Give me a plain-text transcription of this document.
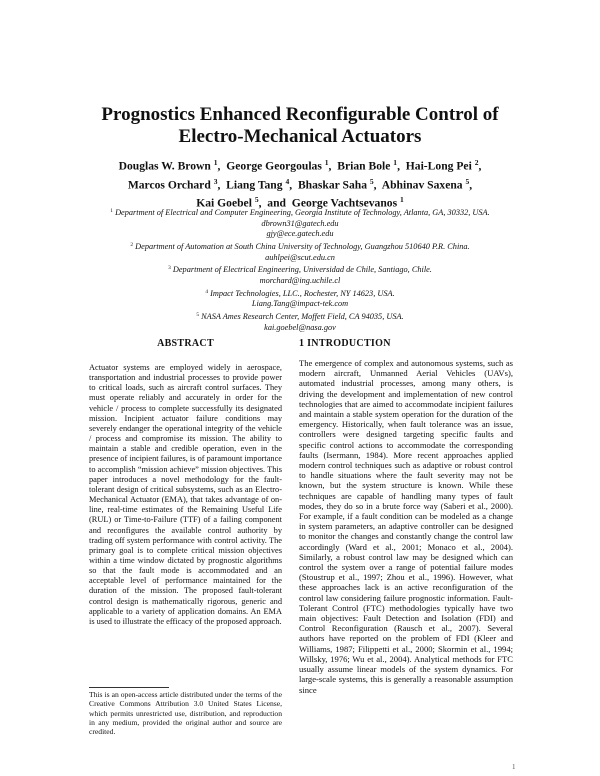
Prognostics Enhanced Reconfigurable Control of
Electro-Mechanical Actuators
Douglas W. Brown $^1$,  George Georgoulas $^1$,  Brian Bole $^1$,  Hai-Long Pei $^2$,
Marcos Orchard $^3$,  Liang Tang $^4$,  Bhaskar Saha $^5$,  Abhinav Saxena $^5$,
Kai Goebel $^5$,  and George Vachtsevanos $^1$
$^1$ Department of Electrical and Computer Engineering, Georgia Institute of Technology, Atlanta, GA, 30332, USA.
dbrown31@gatech.edu
gjy@ece.gatech.edu
$^2$ Department of Automation at South China University of Technology, Guangzhou 510640 P.R. China.
auhlpei@scut.edu.cn
$^3$ Department of Electrical Engineering, Universidad de Chile, Santiago, Chile.
morchard@ing.uchile.cl
$^4$ Impact Technologies, LLC., Rochester, NY 14623, USA.
Liang.Tang@impact-tek.com
$^5$ NASA Ames Research Center, Moffett Field, CA 94035, USA.
kai.goebel@nasa.gov
ABSTRACT

Actuator systems are employed widely in aerospace, transportation and industrial processes to provide power to critical loads, such as aircraft control surfaces. They must operate reliably and accurately in order for the vehicle / process to complete successfully its designated mission. Incipient actuator failure conditions may severely endanger the operational integrity of the vehicle / process and compromise its mission. The ability to maintain a stable and credible operation, even in the presence of incipient failures, is of paramount importance to accomplish “mission achieve” mission objectives. This paper introduces a novel methodology for the fault-tolerant design of critical subsystems, such as an Electro-Mechanical Actuator (EMA), that takes advantage of on-line, real-time estimates of the Remaining Useful Life (RUL) or Time-to-Failure (TTF) of a failing component and reconfigures the available control authority by trading off system performance with control activity. The primary goal is to complete critical mission objectives within a time window dictated by prognostic algorithms so that the fault mode is accommodated and an acceptable level of performance maintained for the duration of the mission. The proposed fault-tolerant control design is mathematically rigorous, generic and applicable to a variety of application domains. An EMA is used to illustrate the efficacy of the proposed approach.

1 INTRODUCTION

The emergence of complex and autonomous systems, such as modern aircraft, Unmanned Aerial Vehicles (UAVs), automated industrial processes, among many others, is driving the development and implementation of new control technologies that are aimed to accommodate incipient failures and maintain a stable system operation for the duration of the emergency. Historically, when fault tolerance was an issue, controllers were designed targeting specific faults and specific control actions to accommodate the corresponding faults (Isermann, 1984). More recent approaches applied modern control techniques such as adaptive or robust control to handle situations where the fault severity may not be known, but the system structure is known. While these techniques are capable of handling many types of fault modes, they do so in a brute force way (Saberi et al., 2000). For example, if a fault condition can be modeled as a change in system parameters, an adaptive controller can be designed to monitor the changes and constantly change the control law accordingly (Ward et al., 2001; Monaco et al., 2004). Similarly, a robust control law may be designed which can control the system over a range of potential failure modes (Stoustrup et al., 1997; Zhou et al., 1996). However, what these approaches lack is an active reconfiguration of the control law considering failure prognostic information. Fault-Tolerant Control (FTC) methodologies typically have two main objectives: Fault Detection and Isolation (FDI) and Control Reconfiguration (Rausch et al., 2007). Several authors have reported on the problem of FDI (Kleer and Williams, 1987; Filippetti et al., 2000; Skormin et al., 1994; Willsky, 1976; Wu et al., 2004). Analytical methods for FTC usually assume linear models of the system dynamics. For large-scale systems, this is generally a reasonable assumption since

This is an open-access article distributed under the terms of the Creative Commons Attribution 3.0 United States License, which permits unrestricted use, distribution, and reproduction in any medium, provided the original author and source are credited.

1
